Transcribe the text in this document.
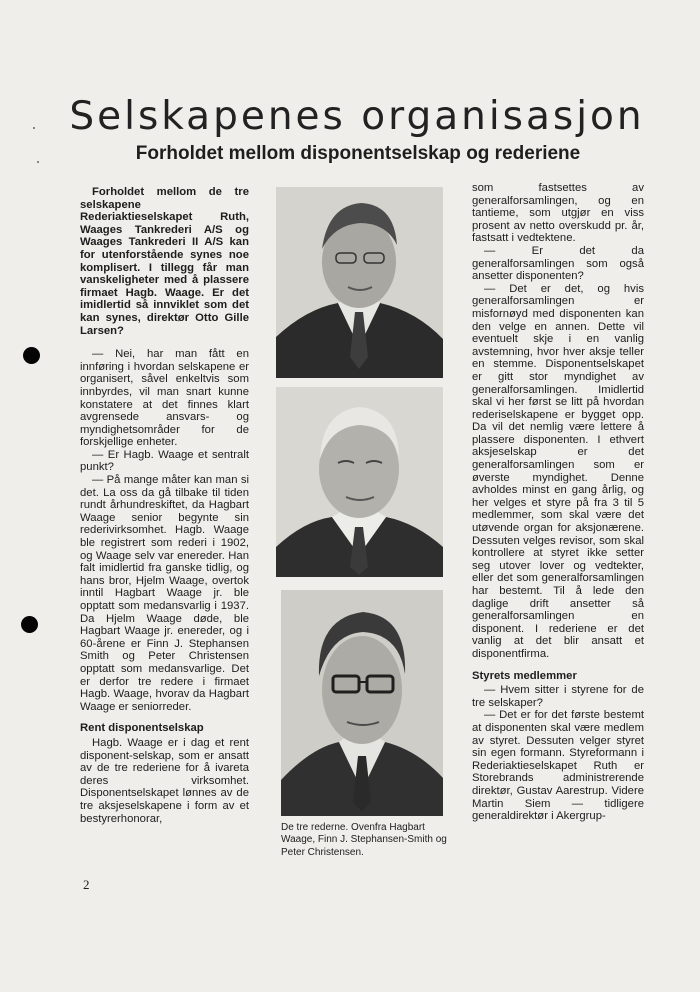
Selskapenes organisasjon
Forholdet mellom disponentselskap og rederiene

Forholdet mellom de tre selskapene Rederiaktieselskapet Ruth, Waages Tankrederi A/S og Waages Tankrederi II A/S kan for utenforstående synes noe komplisert. I tillegg får man vanskeligheter med å plassere firmaet Hagb. Waage. Er det imidlertid så innviklet som det kan synes, direktør Otto Gille Larsen?

— Nei, har man fått en innføring i hvordan selskapene er organisert, såvel enkeltvis som innbyrdes, vil man snart kunne konstatere at det finnes klart avgrensede ansvars- og myndighetsområder for de forskjellige enheter.

— Er Hagb. Waage et sentralt punkt?

— På mange måter kan man si det. La oss da gå tilbake til tiden rundt århundreskiftet, da Hagbart Waage senior begynte sin rederivirksomhet. Hagb. Waage ble registrert som rederi i 1902, og Waage selv var enereder. Han falt imidlertid fra ganske tidlig, og hans bror, Hjelm Waage, overtok inntil Hagbart Waage jr. ble opptatt som medansvarlig i 1937. Da Hjelm Waage døde, ble Hagbart Waage jr. enereder, og i 60-årene er Finn J. Stephansen Smith og Peter Christensen opptatt som medansvarlige. Det er derfor tre redere i firmaet Hagb. Waage, hvorav da Hagbart Waage er seniorreder.

Rent disponentselskap

Hagb. Waage er i dag et rent disponent-selskap, som er ansatt av de tre rederiene for å ivareta deres virksomhet. Disponentselskapet lønnes av de tre aksjeselskapene i form av et bestyrerhonorar,

De tre rederne. Ovenfra Hagbart Waage, Finn J. Stephansen-Smith og Peter Christensen.

som fastsettes av generalforsamlingen, og en tantieme, som utgjør en viss prosent av netto overskudd pr. år, fastsatt i vedtektene.

— Er det da generalforsamlingen som også ansetter disponenten?

— Det er det, og hvis generalforsamlingen er misfornøyd med disponenten kan den velge en annen. Dette vil eventuelt skje i en vanlig avstemning, hvor hver aksje teller en stemme. Disponentselskapet er gitt stor myndighet av generalforsamlingen. Imidlertid skal vi her først se litt på hvordan rederiselskapene er bygget opp. Da vil det nemlig være lettere å plassere disponenten. I ethvert aksjeselskap er det generalforsamlingen som er øverste myndighet. Denne avholdes minst en gang årlig, og her velges et styre på fra 3 til 5 medlemmer, som skal være det utøvende organ for aksjonærene. Dessuten velges revisor, som skal kontrollere at styret ikke setter seg utover lover og vedtekter, eller det som generalforsamlingen har bestemt. Til å lede den daglige drift ansetter så generalforsamlingen en disponent. I rederiene er det vanlig at det blir ansatt et disponentfirma.

Styrets medlemmer

— Hvem sitter i styrene for de tre selskaper?

— Det er for det første bestemt at disponenten skal være medlem av styret. Dessuten velger styret sin egen formann. Styreformann i Rederiaktieselskapet Ruth er Storebrands administrerende direktør, Gustav Aarestrup. Videre Martin Siem — tidligere generaldirektør i Akergrup-

2
